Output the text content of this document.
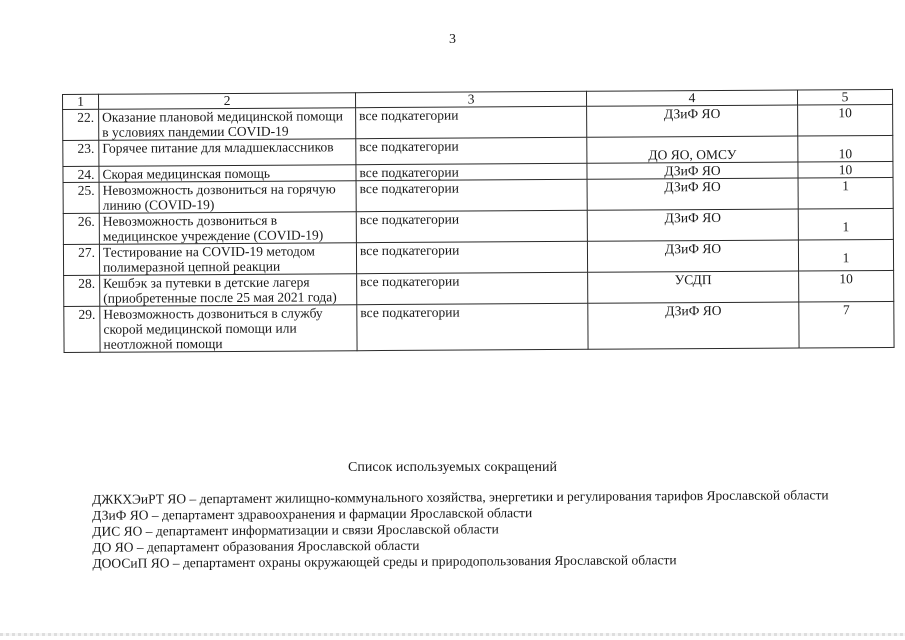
3
1	2	3	4	5
22.	Оказание плановой медицинской помощи в условиях пандемии COVID-19	все подкатегории	ДЗиФ ЯО	10
23.	Горячее питание для младшеклассников	все подкатегории	ДО ЯО, ОМСУ	10
24.	Скорая медицинская помощь	все подкатегории	ДЗиФ ЯО	10
25.	Невозможность дозвониться на горячую линию (COVID-19)	все подкатегории	ДЗиФ ЯО	1
26.	Невозможность дозвониться в медицинское учреждение (COVID-19)	все подкатегории	ДЗиФ ЯО	1
27.	Тестирование на COVID-19 методом полимеразной цепной реакции	все подкатегории	ДЗиФ ЯО	1
28.	Кешбэк за путевки в детские лагеря (приобретенные после 25 мая 2021 года)	все подкатегории	УСДП	10
29.	Невозможность дозвониться в службу скорой медицинской помощи или неотложной помощи	все подкатегории	ДЗиФ ЯО	7
Список используемых сокращений

ДЖКХЭиРТ ЯО – департамент жилищно-коммунального хозяйства, энергетики и регулирования тарифов Ярославской области

ДЗиФ ЯО – департамент здравоохранения и фармации Ярославской области

ДИС ЯО – департамент информатизации и связи Ярославской области

ДО ЯО – департамент образования Ярославской области

ДООСиП ЯО – департамент охраны окружающей среды и природопользования Ярославской области
